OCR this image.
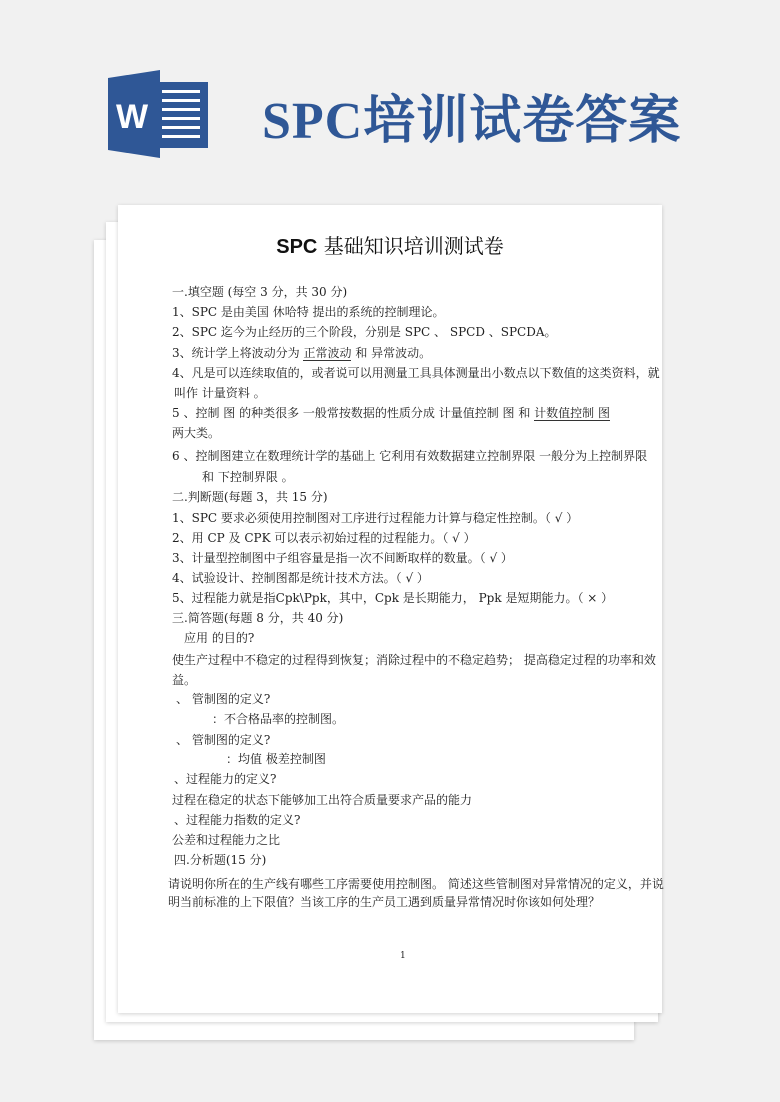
W SPC培训试卷答案
SPC 基础知识培训测试卷
一.填空题 (每空 3 分，共 30 分)
1、SPC 是由美国 休哈特 提出的系统的控制理论。
2、SPC 迄今为止经历的三个阶段，分别是 SPC 、 SPCD 、SPCDA。
3、统计学上将波动分为 正常波动 和 异常波动。
4、凡是可以连续取值的，或者说可以用测量工具具体测量出小数点以下数值的这类资料，就
叫作 计量资料 。
5 、控制 图 的种类很多 一般常按数据的性质分成 计量值控制 图 和 计数值控制 图
两大类。
6 、控制图建立在数理统计学的基础上 它利用有效数据建立控制界限 一般分为上控制界限
和 下控制界限 。
二.判断题(每题 3，共 15 分)
1、SPC 要求必须使用控制图对工序进行过程能力计算与稳定性控制。（ √ ）
2、用 CP 及 CPK 可以表示初始过程的过程能力。（ √ ）
3、计量型控制图中子组容量是指一次不间断取样的数量。（ √ ）
4、试验设计、控制图都是统计技术方法。（ √ ）
5、过程能力就是指Cpk\Ppk，其中，Cpk 是长期能力， Ppk 是短期能力。（ × ）
三.简答题(每题 8 分，共 40 分)
应用 的目的?
使生产过程中不稳定的过程得到恢复；消除过程中的不稳定趋势； 提高稳定过程的功率和效
益。
、 管制图的定义?
：不合格品率的控制图。
、 管制图的定义?
：均值 极差控制图
、过程能力的定义?
过程在稳定的状态下能够加工出符合质量要求产品的能力
、过程能力指数的定义?
公差和过程能力之比
四.分析题(15 分)
请说明你所在的生产线有哪些工序需要使用控制图。 简述这些管制图对异常情况的定义，并说
明当前标准的上下限值？当该工序的生产员工遇到质量异常情况时你该如何处理？
1
